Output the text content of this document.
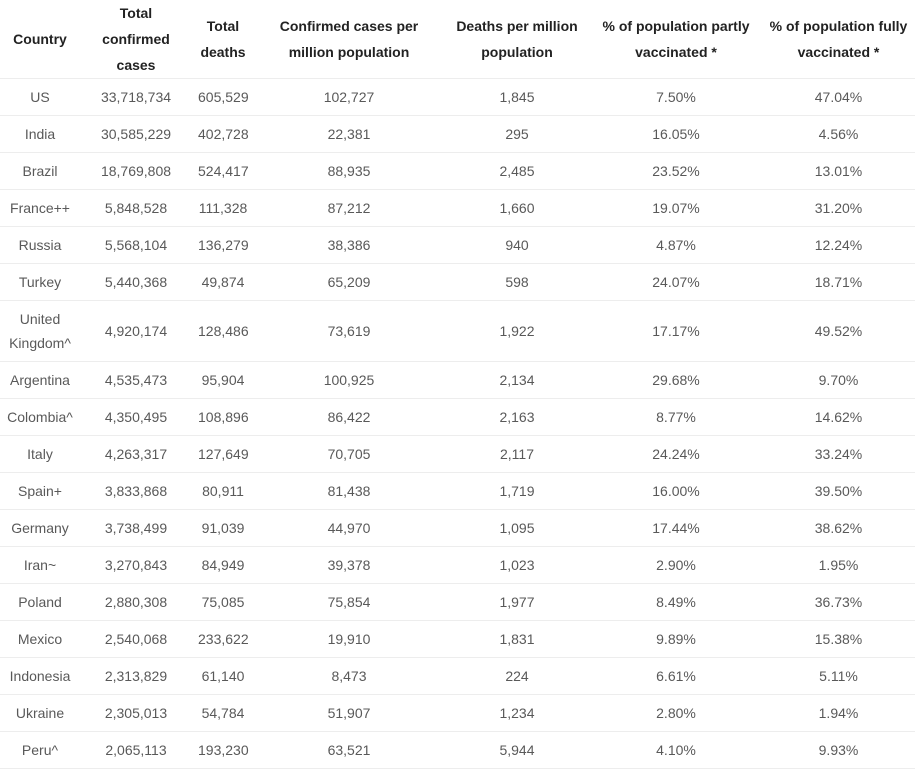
Country	Total confirmed cases	Total deaths	Confirmed cases per million population	Deaths per million population	% of population partly vaccinated *	% of population fully vaccinated *
US	33,718,734	605,529	102,727	1,845	7.50%	47.04%
India	30,585,229	402,728	22,381	295	16.05%	4.56%
Brazil	18,769,808	524,417	88,935	2,485	23.52%	13.01%
France++	5,848,528	111,328	87,212	1,660	19.07%	31.20%
Russia	5,568,104	136,279	38,386	940	4.87%	12.24%
Turkey	5,440,368	49,874	65,209	598	24.07%	18.71%
United Kingdom^	4,920,174	128,486	73,619	1,922	17.17%	49.52%
Argentina	4,535,473	95,904	100,925	2,134	29.68%	9.70%
Colombia^	4,350,495	108,896	86,422	2,163	8.77%	14.62%
Italy	4,263,317	127,649	70,705	2,117	24.24%	33.24%
Spain+	3,833,868	80,911	81,438	1,719	16.00%	39.50%
Germany	3,738,499	91,039	44,970	1,095	17.44%	38.62%
Iran~	3,270,843	84,949	39,378	1,023	2.90%	1.95%
Poland	2,880,308	75,085	75,854	1,977	8.49%	36.73%
Mexico	2,540,068	233,622	19,910	1,831	9.89%	15.38%
Indonesia	2,313,829	61,140	8,473	224	6.61%	5.11%
Ukraine	2,305,013	54,784	51,907	1,234	2.80%	1.94%
Peru^	2,065,113	193,230	63,521	5,944	4.10%	9.93%
